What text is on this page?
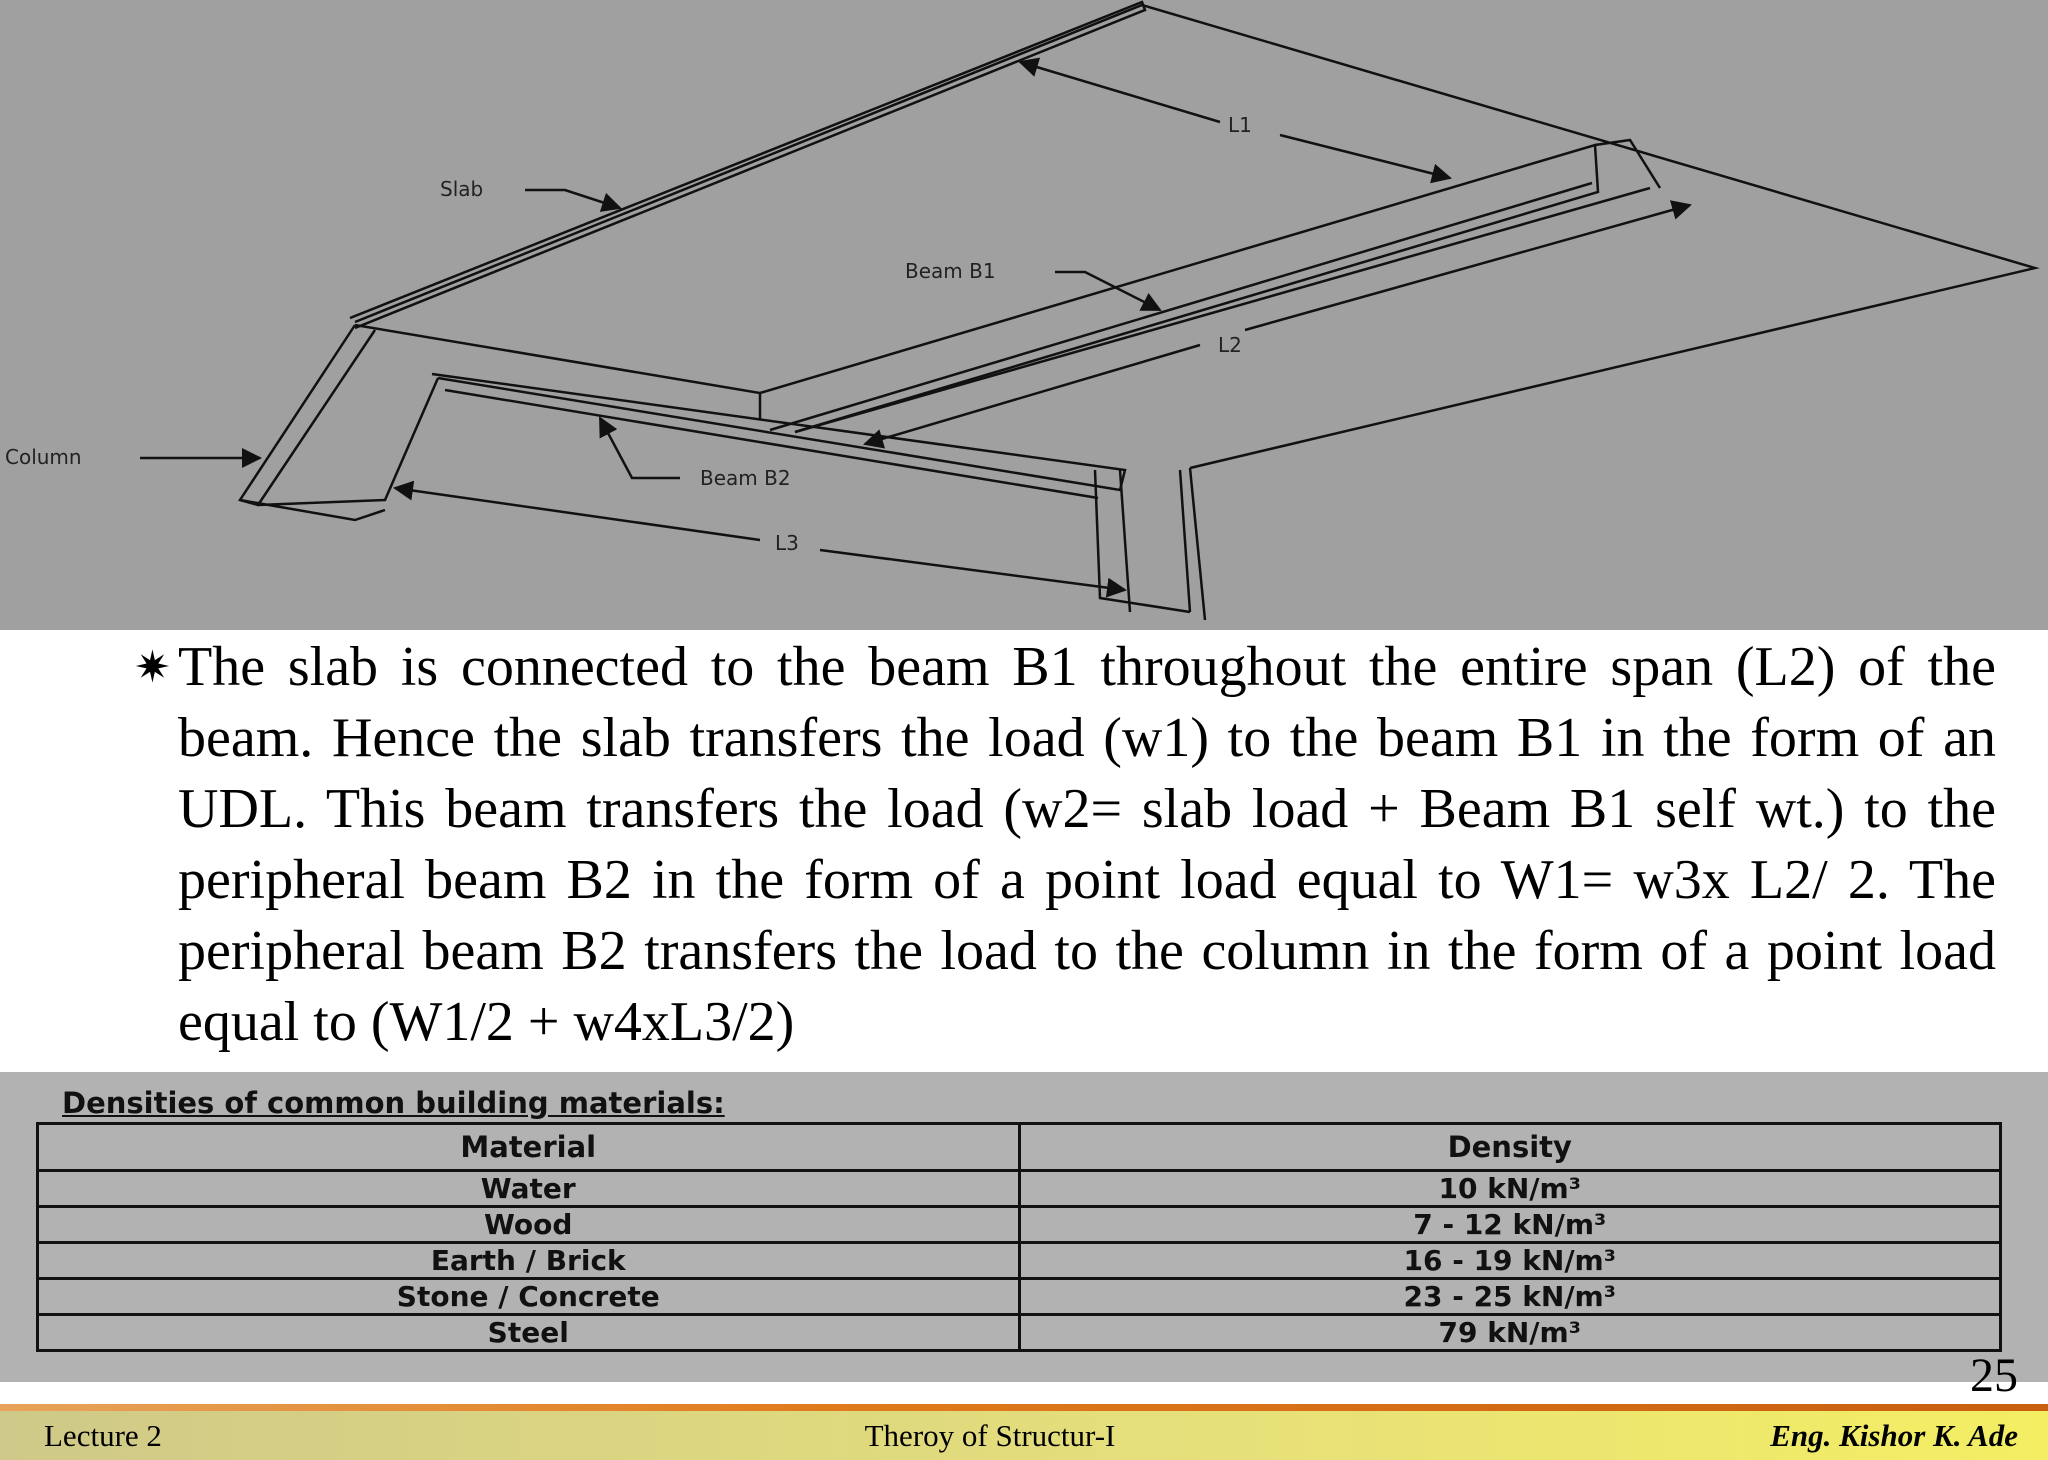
Slab
L1
Beam B1
L2
Column
Beam B2
L3

✷ The slab is connected to the beam B1 throughout the entire span (L2) of the beam. Hence the slab transfers the load (w1) to the beam B1 in the form of an UDL. This beam transfers the load (w2= slab load + Beam B1 self wt.) to the peripheral beam B2 in the form of a point load equal to W1= w3x L2/ 2. The peripheral beam B2 transfers the load to the column in the form of a point load equal to (W1/2 + w4xL3/2)

Densities of common building materials:
Material	Density
Water	10 kN/m³
Wood	7 - 12 kN/m³
Earth / Brick	16 - 19 kN/m³
Stone / Concrete	23 - 25 kN/m³
Steel	79 kN/m³
25
Lecture 2	Theroy of Structur-I	Eng. Kishor K. Ade
